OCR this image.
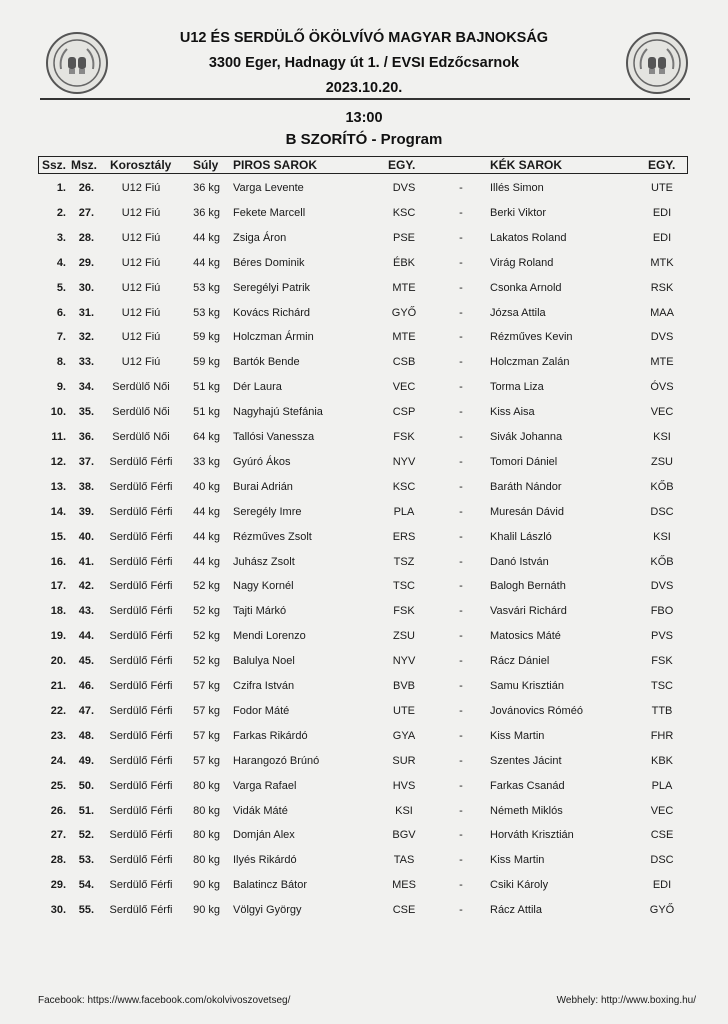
U12 ÉS SERDÜLŐ ÖKÖLVÍVÓ MAGYAR BAJNOKSÁG
3300 Eger, Hadnagy út 1. / EVSI Edzőcsarnok
2023.10.20.
13:00
B SZORÍTÓ - Program
Ssz. Msz. Korosztály Súly PIROS SAROK	EGY.	KÉK SAROK	EGY.
1.	26.	U12 Fiú	36 kg Varga Levente	DVS	- Illés Simon	UTE
2.	27.	U12 Fiú	36 kg Fekete Marcell	KSC	- Berki Viktor	EDI
3.	28.	U12 Fiú	44 kg Zsiga Áron	PSE	- Lakatos Roland	EDI
4.	29.	U12 Fiú	44 kg Béres Dominik	ÉBK	- Virág Roland	MTK
5.	30.	U12 Fiú	53 kg Seregélyi Patrik	MTE	- Csonka Arnold	RSK
6.	31.	U12 Fiú	53 kg Kovács Richárd	GYŐ	- Józsa Attila	MAA
7.	32.	U12 Fiú	59 kg Holczman Ármin	MTE	- Rézműves Kevin	DVS
8.	33.	U12 Fiú	59 kg Bartók Bende	CSB	- Holczman Zalán	MTE
9.	34.	Serdülő Női	51 kg Dér Laura	VEC	- Torma Liza	ÓVS
10.	35.	Serdülő Női	51 kg Nagyhajú Stefánia	CSP	- Kiss Aisa	VEC
11.	36.	Serdülő Női	64 kg Tallósi Vanessza	FSK	- Sivák Johanna	KSI
12.	37.	Serdülő Férfi	33 kg Gyúró Ákos	NYV	- Tomori Dániel	ZSU
13.	38.	Serdülő Férfi	40 kg Burai Adrián	KSC	- Baráth Nándor	KŐB
14.	39.	Serdülő Férfi	44 kg Seregély Imre	PLA	- Muresán Dávid	DSC
15.	40.	Serdülő Férfi	44 kg Rézműves Zsolt	ERS	- Khalil László	KSI
16.	41.	Serdülő Férfi	44 kg Juhász Zsolt	TSZ	- Danó István	KŐB
17.	42.	Serdülő Férfi	52 kg Nagy Kornél	TSC	- Balogh Bernáth	DVS
18.	43.	Serdülő Férfi	52 kg Tajti Márkó	FSK	- Vasvári Richárd	FBO
19.	44.	Serdülő Férfi	52 kg Mendi Lorenzo	ZSU	- Matosics Máté	PVS
20.	45.	Serdülő Férfi	52 kg Balulya Noel	NYV	- Rácz Dániel	FSK
21.	46.	Serdülő Férfi	57 kg Czifra István	BVB	- Samu Krisztián	TSC
22.	47.	Serdülő Férfi	57 kg Fodor Máté	UTE	- Jovánovics Róméó	TTB
23.	48.	Serdülő Férfi	57 kg Farkas Rikárdó	GYA	- Kiss Martin	FHR
24.	49.	Serdülő Férfi	57 kg Harangozó Brúnó	SUR	- Szentes Jácint	KBK
25.	50.	Serdülő Férfi	80 kg Varga Rafael	HVS	- Farkas Csanád	PLA
26.	51.	Serdülő Férfi	80 kg Vidák Máté	KSI	- Németh Miklós	VEC
27.	52.	Serdülő Férfi	80 kg Domján Alex	BGV	- Horváth Krisztián	CSE
28.	53.	Serdülő Férfi	80 kg Ilyés Rikárdó	TAS	- Kiss Martin	DSC
29.	54.	Serdülő Férfi	90 kg Balatincz Bátor	MES	- Csiki Károly	EDI
30.	55.	Serdülő Férfi	90 kg Völgyi György	CSE	- Rácz Attila	GYŐ
Facebook: https://www.facebook.com/okolvivoszovetseg/	Webhely: http://www.boxing.hu/
